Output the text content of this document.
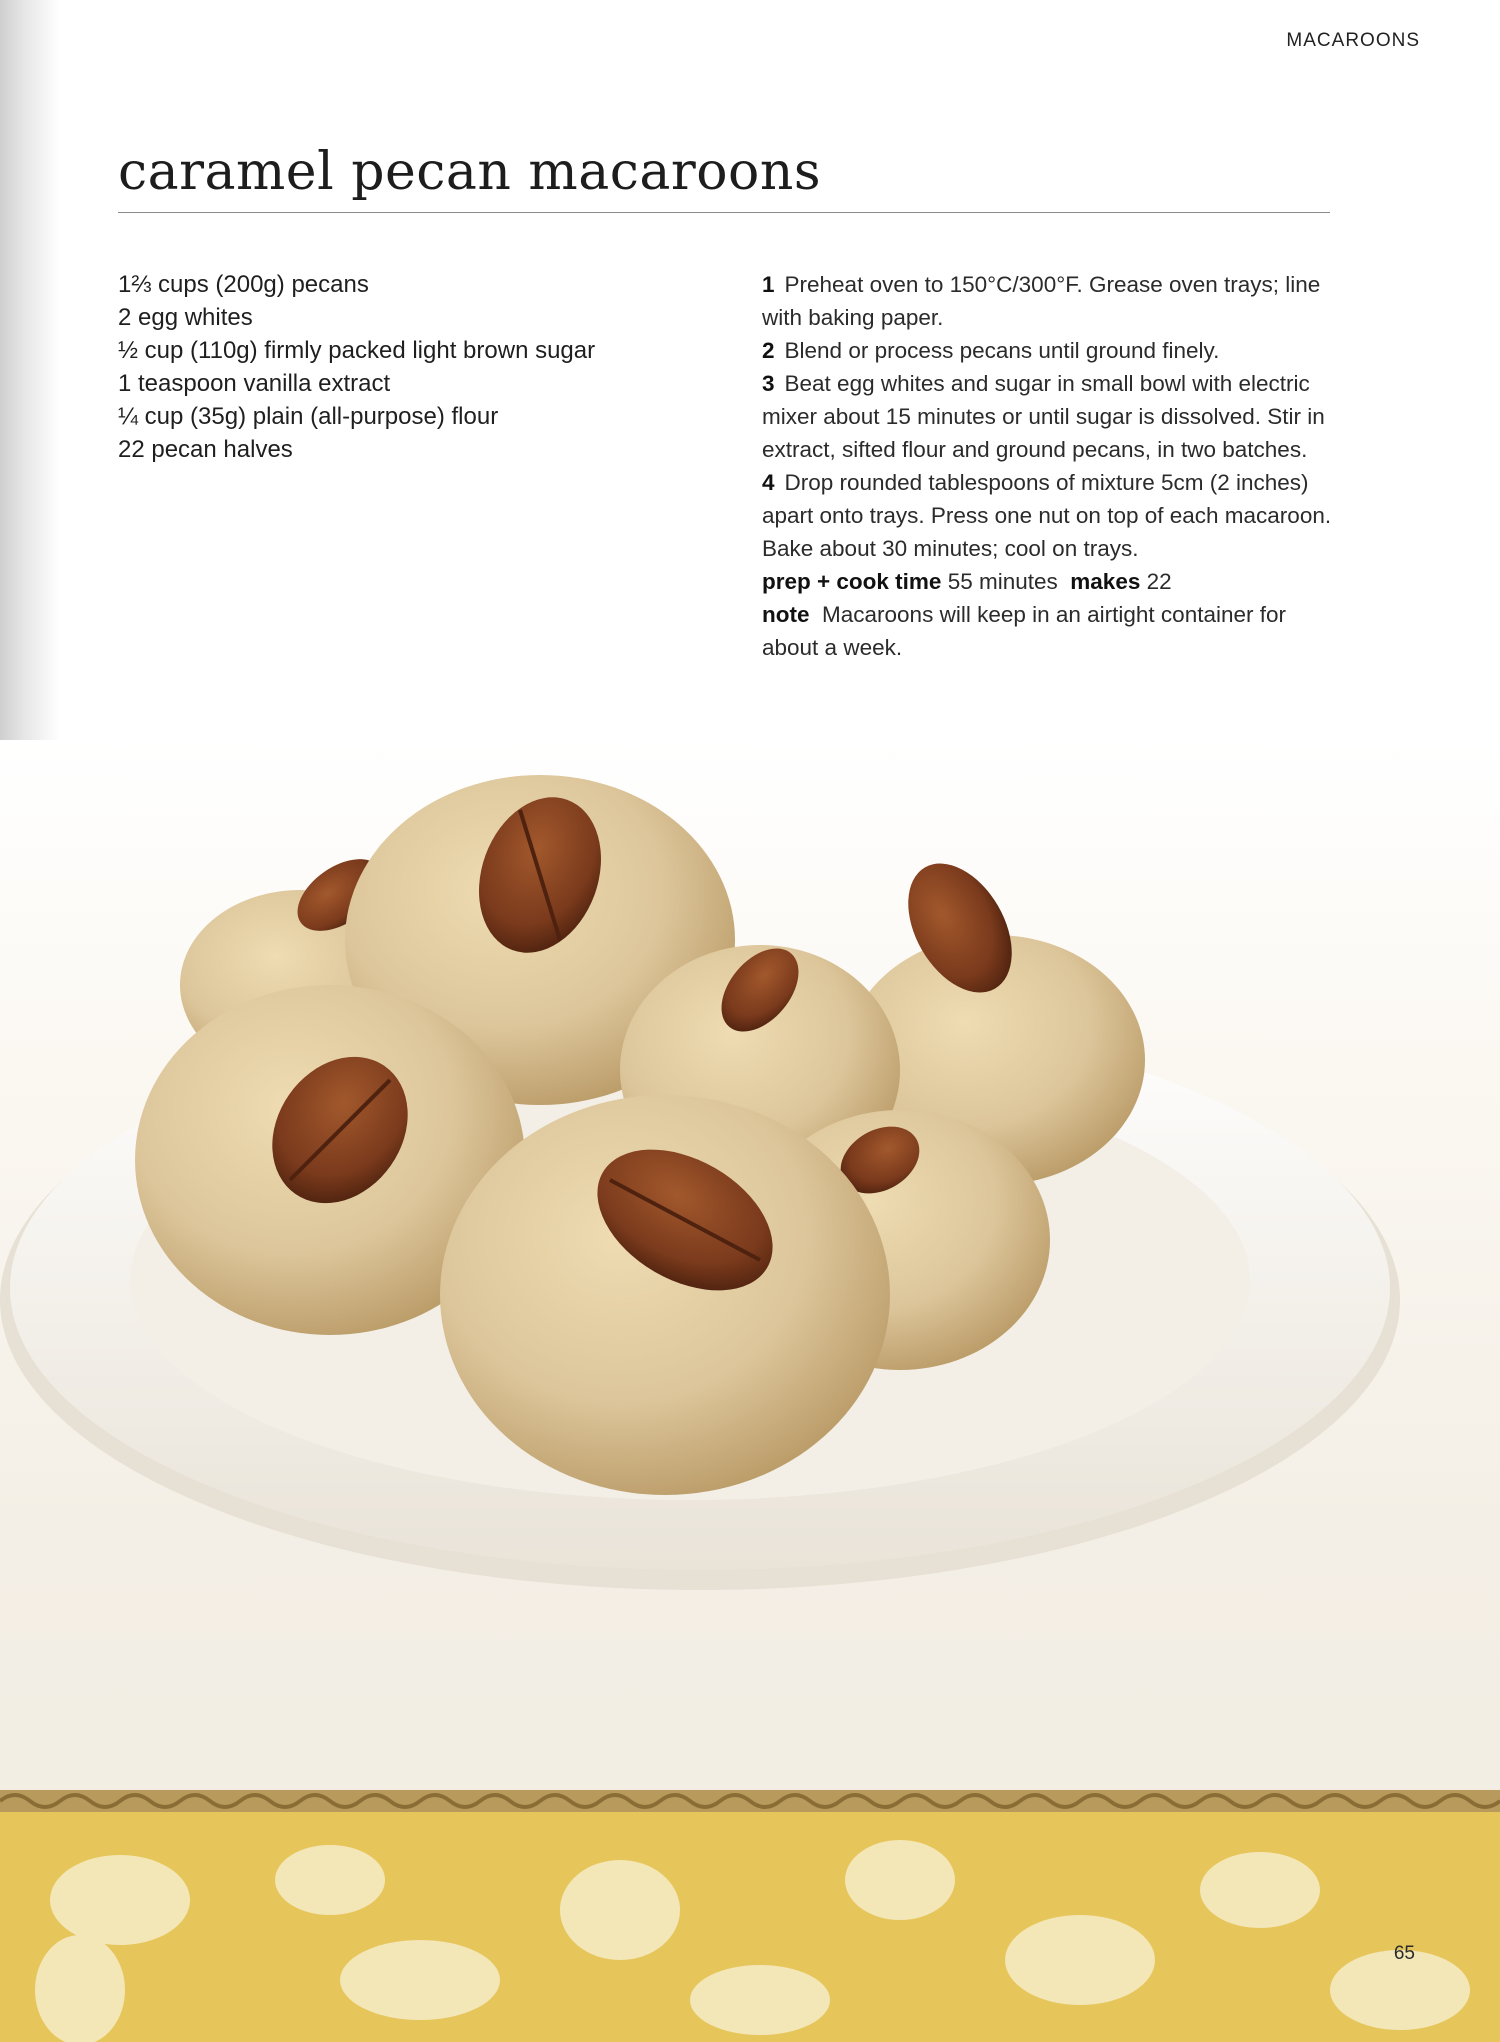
MACAROONS
caramel pecan macaroons
1⅔ cups (200g) pecans
2 egg whites
½ cup (110g) firmly packed light brown sugar
1 teaspoon vanilla extract
¼ cup (35g) plain (all-purpose) flour
22 pecan halves

1 Preheat oven to 150°C/300°F. Grease oven trays; line with baking paper.

2 Blend or process pecans until ground finely.

3 Beat egg whites and sugar in small bowl with electric mixer about 15 minutes or until sugar is dissolved. Stir in extract, sifted flour and ground pecans, in two batches.

4 Drop rounded tablespoons of mixture 5cm (2 inches) apart onto trays. Press one nut on top of each macaroon. Bake about 30 minutes; cool on trays.

prep + cook time 55 minutes makes 22

note Macaroons will keep in an airtight container for about a week.

65
